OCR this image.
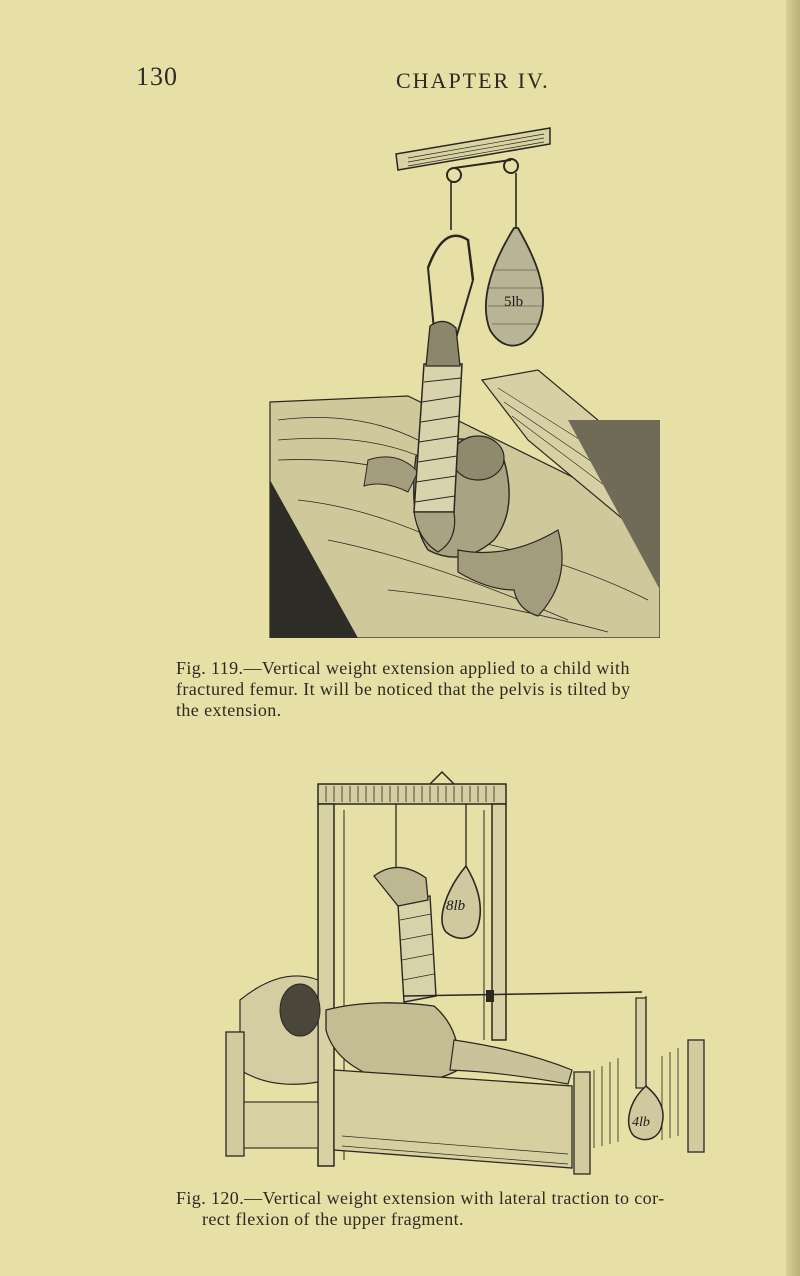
130	CHAPTER IV.
5lb
Fig. 119.—Vertical weight extension applied to a child with
fractured femur. It will be noticed that the pelvis is tilted by
the extension.
8lb
4lb
Fig. 120.—Vertical weight extension with lateral traction to cor-

rect flexion of the upper fragment.
